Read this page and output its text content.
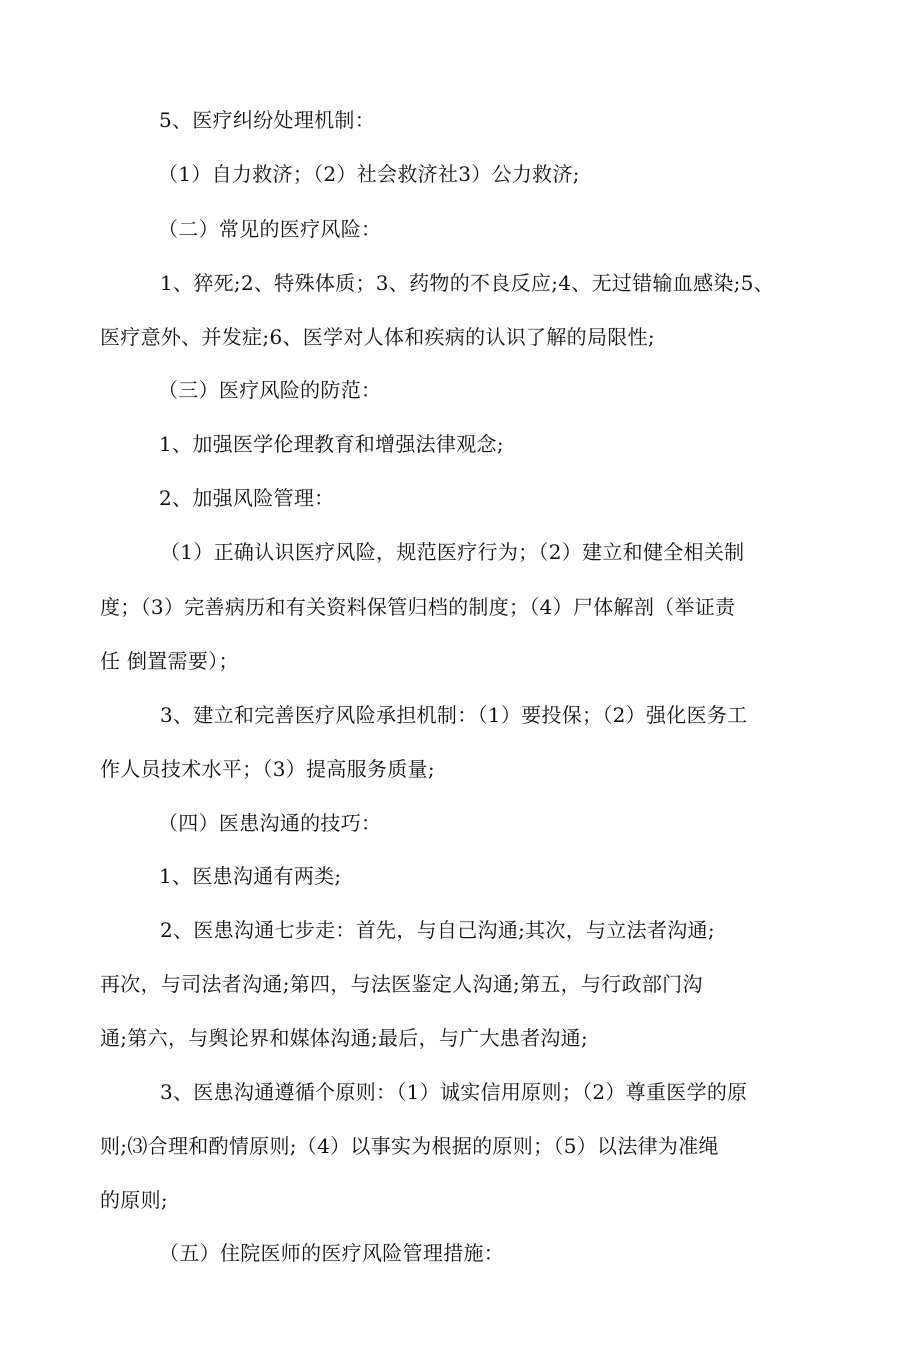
5、医疗纠纷处理机制：

（1）自力救济；（2）社会救济社3）公力救济;

（二）常见的医疗风险：

1、猝死;2、特殊体质；3、药物的不良反应;4、无过错输血感染;5、

医疗意外、并发症;6、医学对人体和疾病的认识了解的局限性;

（三）医疗风险的防范：

1、加强医学伦理教育和增强法律观念;

2、加强风险管理：

（1）正确认识医疗风险，规范医疗行为；（2）建立和健全相关制

度；（3）完善病历和有关资料保管归档的制度；（4）尸体解剖（举证责

任 倒置需要）；

3、建立和完善医疗风险承担机制：（1）要投保；（2）强化医务工

作人员技术水平；（3）提高服务质量;

（四）医患沟通的技巧：

1、医患沟通有两类;

2、医患沟通七步走：首先，与自己沟通;其次，与立法者沟通;

再次，与司法者沟通;第四，与法医鉴定人沟通;第五，与行政部门沟

通;第六，与舆论界和媒体沟通;最后，与广大患者沟通;

3、医患沟通遵循个原则：（1）诚实信用原则；（2）尊重医学的原

则;⑶合理和酌情原则;（4）以事实为根据的原则；（5）以法律为准绳

的原则;

（五）住院医师的医疗风险管理措施：
